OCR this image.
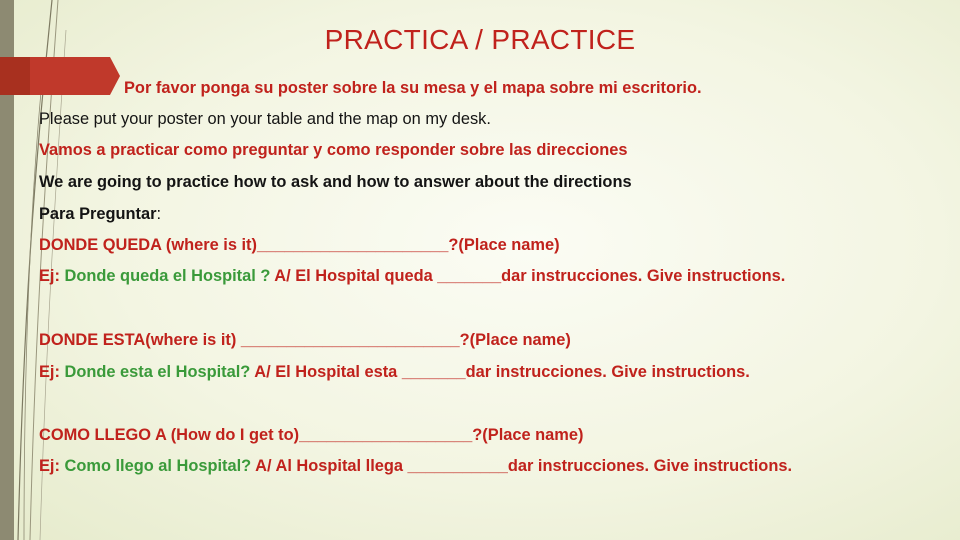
PRACTICA / PRACTICE
Por favor ponga su poster sobre la su mesa y el mapa sobre mi escritorio.
Please put your poster on your table and the map on my desk.
Vamos a practicar como preguntar y como responder sobre las direcciones
We are going to practice how to ask and how to answer about the directions
Para Preguntar:
DONDE QUEDA (where is it)_____________________?(Place name)
Ej: Donde queda el Hospital ? A/ El Hospital queda _______dar instrucciones. Give instructions.
DONDE ESTA(where is it) ________________________?(Place name)
Ej: Donde esta el Hospital? A/ El Hospital esta _______dar instrucciones. Give instructions.
COMO LLEGO A (How do I get to)___________________?(Place name)
Ej: Como llego al Hospital? A/ Al Hospital llega ___________dar instrucciones. Give instructions.
